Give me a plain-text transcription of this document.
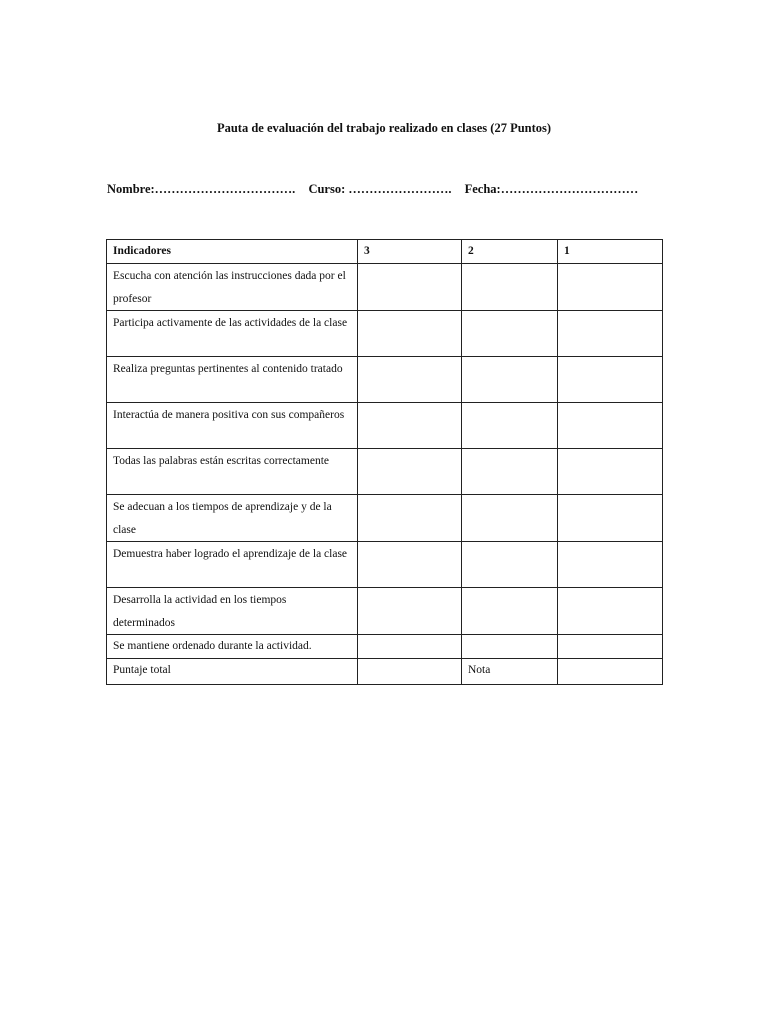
Pauta de evaluación del trabajo realizado en clases (27 Puntos)

Nombre:……………………………. Curso: ……………………. Fecha:……………………………

Indicadores	3	2	1
Escucha con atención las instrucciones dada por el profesor			
Participa activamente de las actividades de la clase			
Realiza preguntas pertinentes al contenido tratado			
Interactúa de manera positiva con sus compañeros			
Todas las palabras están escritas correctamente			
Se adecuan a los tiempos de aprendizaje y de la clase			
Demuestra haber logrado el aprendizaje de la clase			
Desarrolla la actividad en los tiempos determinados			
Se mantiene ordenado durante la actividad.			
Puntaje total		Nota	
